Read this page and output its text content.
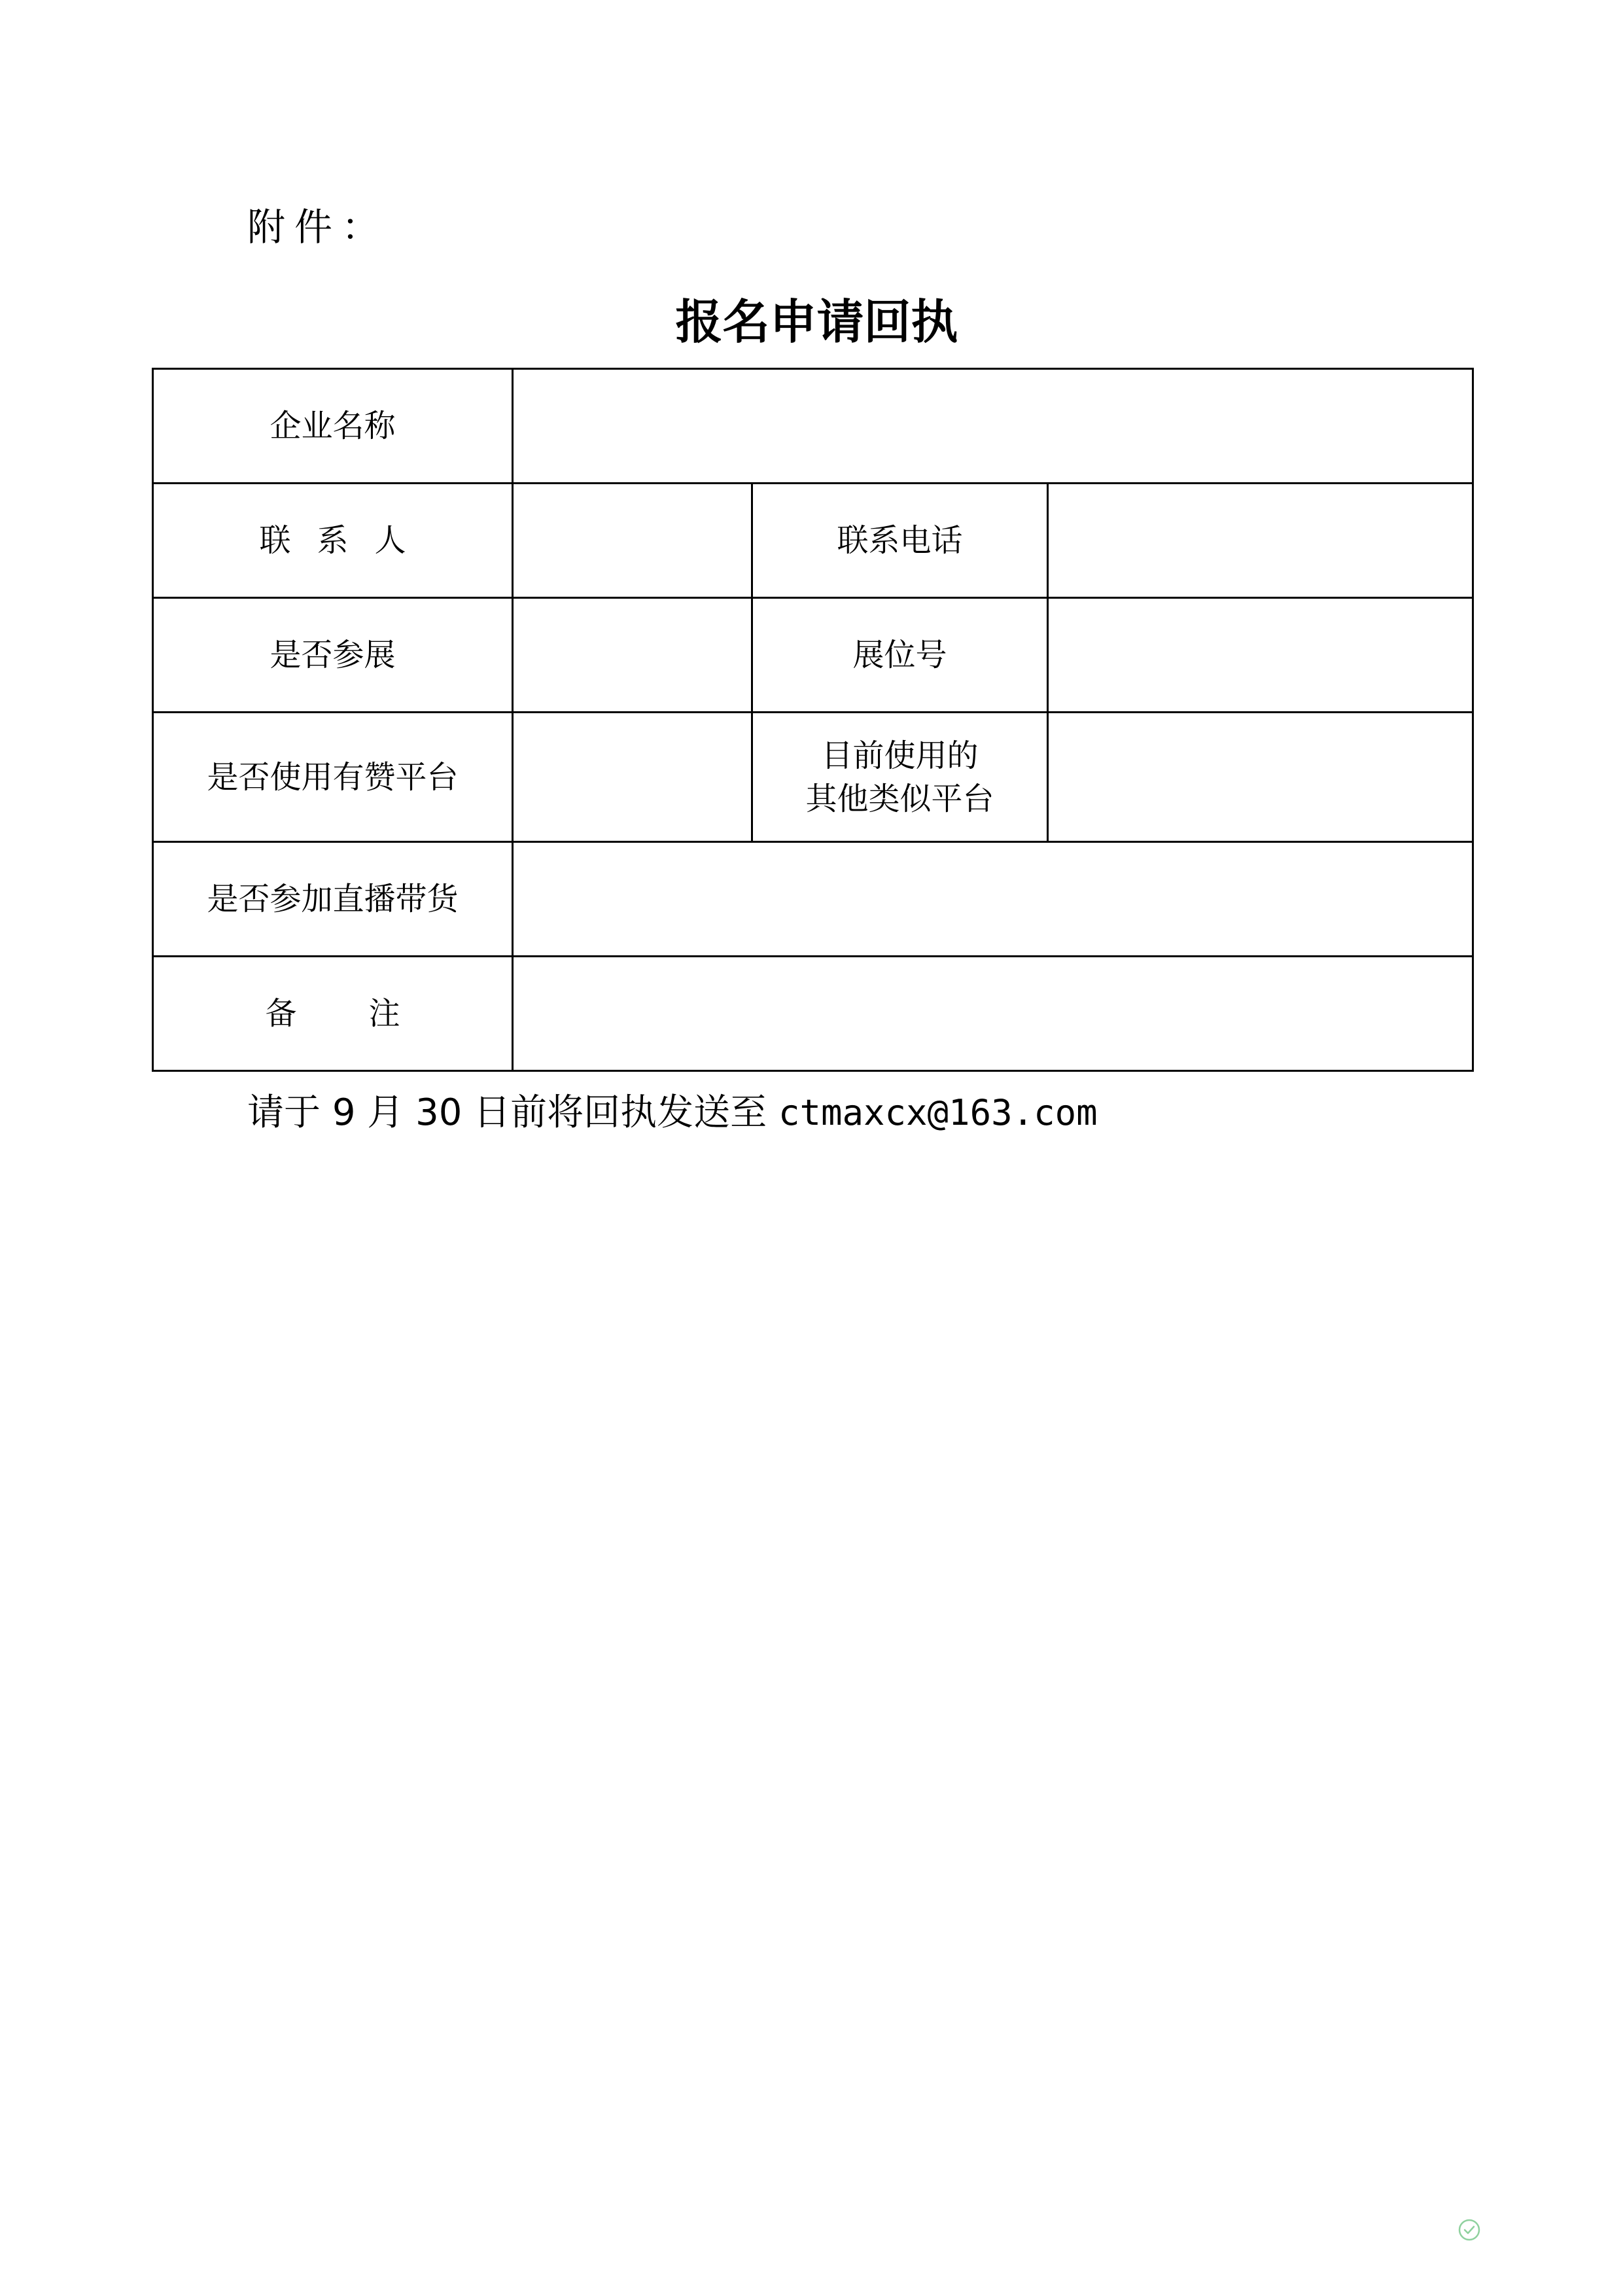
附件：
报名申请回执
企业名称			
联系人		联系电话	
是否参展		展位号	
是否使用有赞平台		目前使用的
其他类似平台	

是否参加直播带货			
备注			
请于 9 月 30 日前将回执发送至 ctmaxcx@163.com
